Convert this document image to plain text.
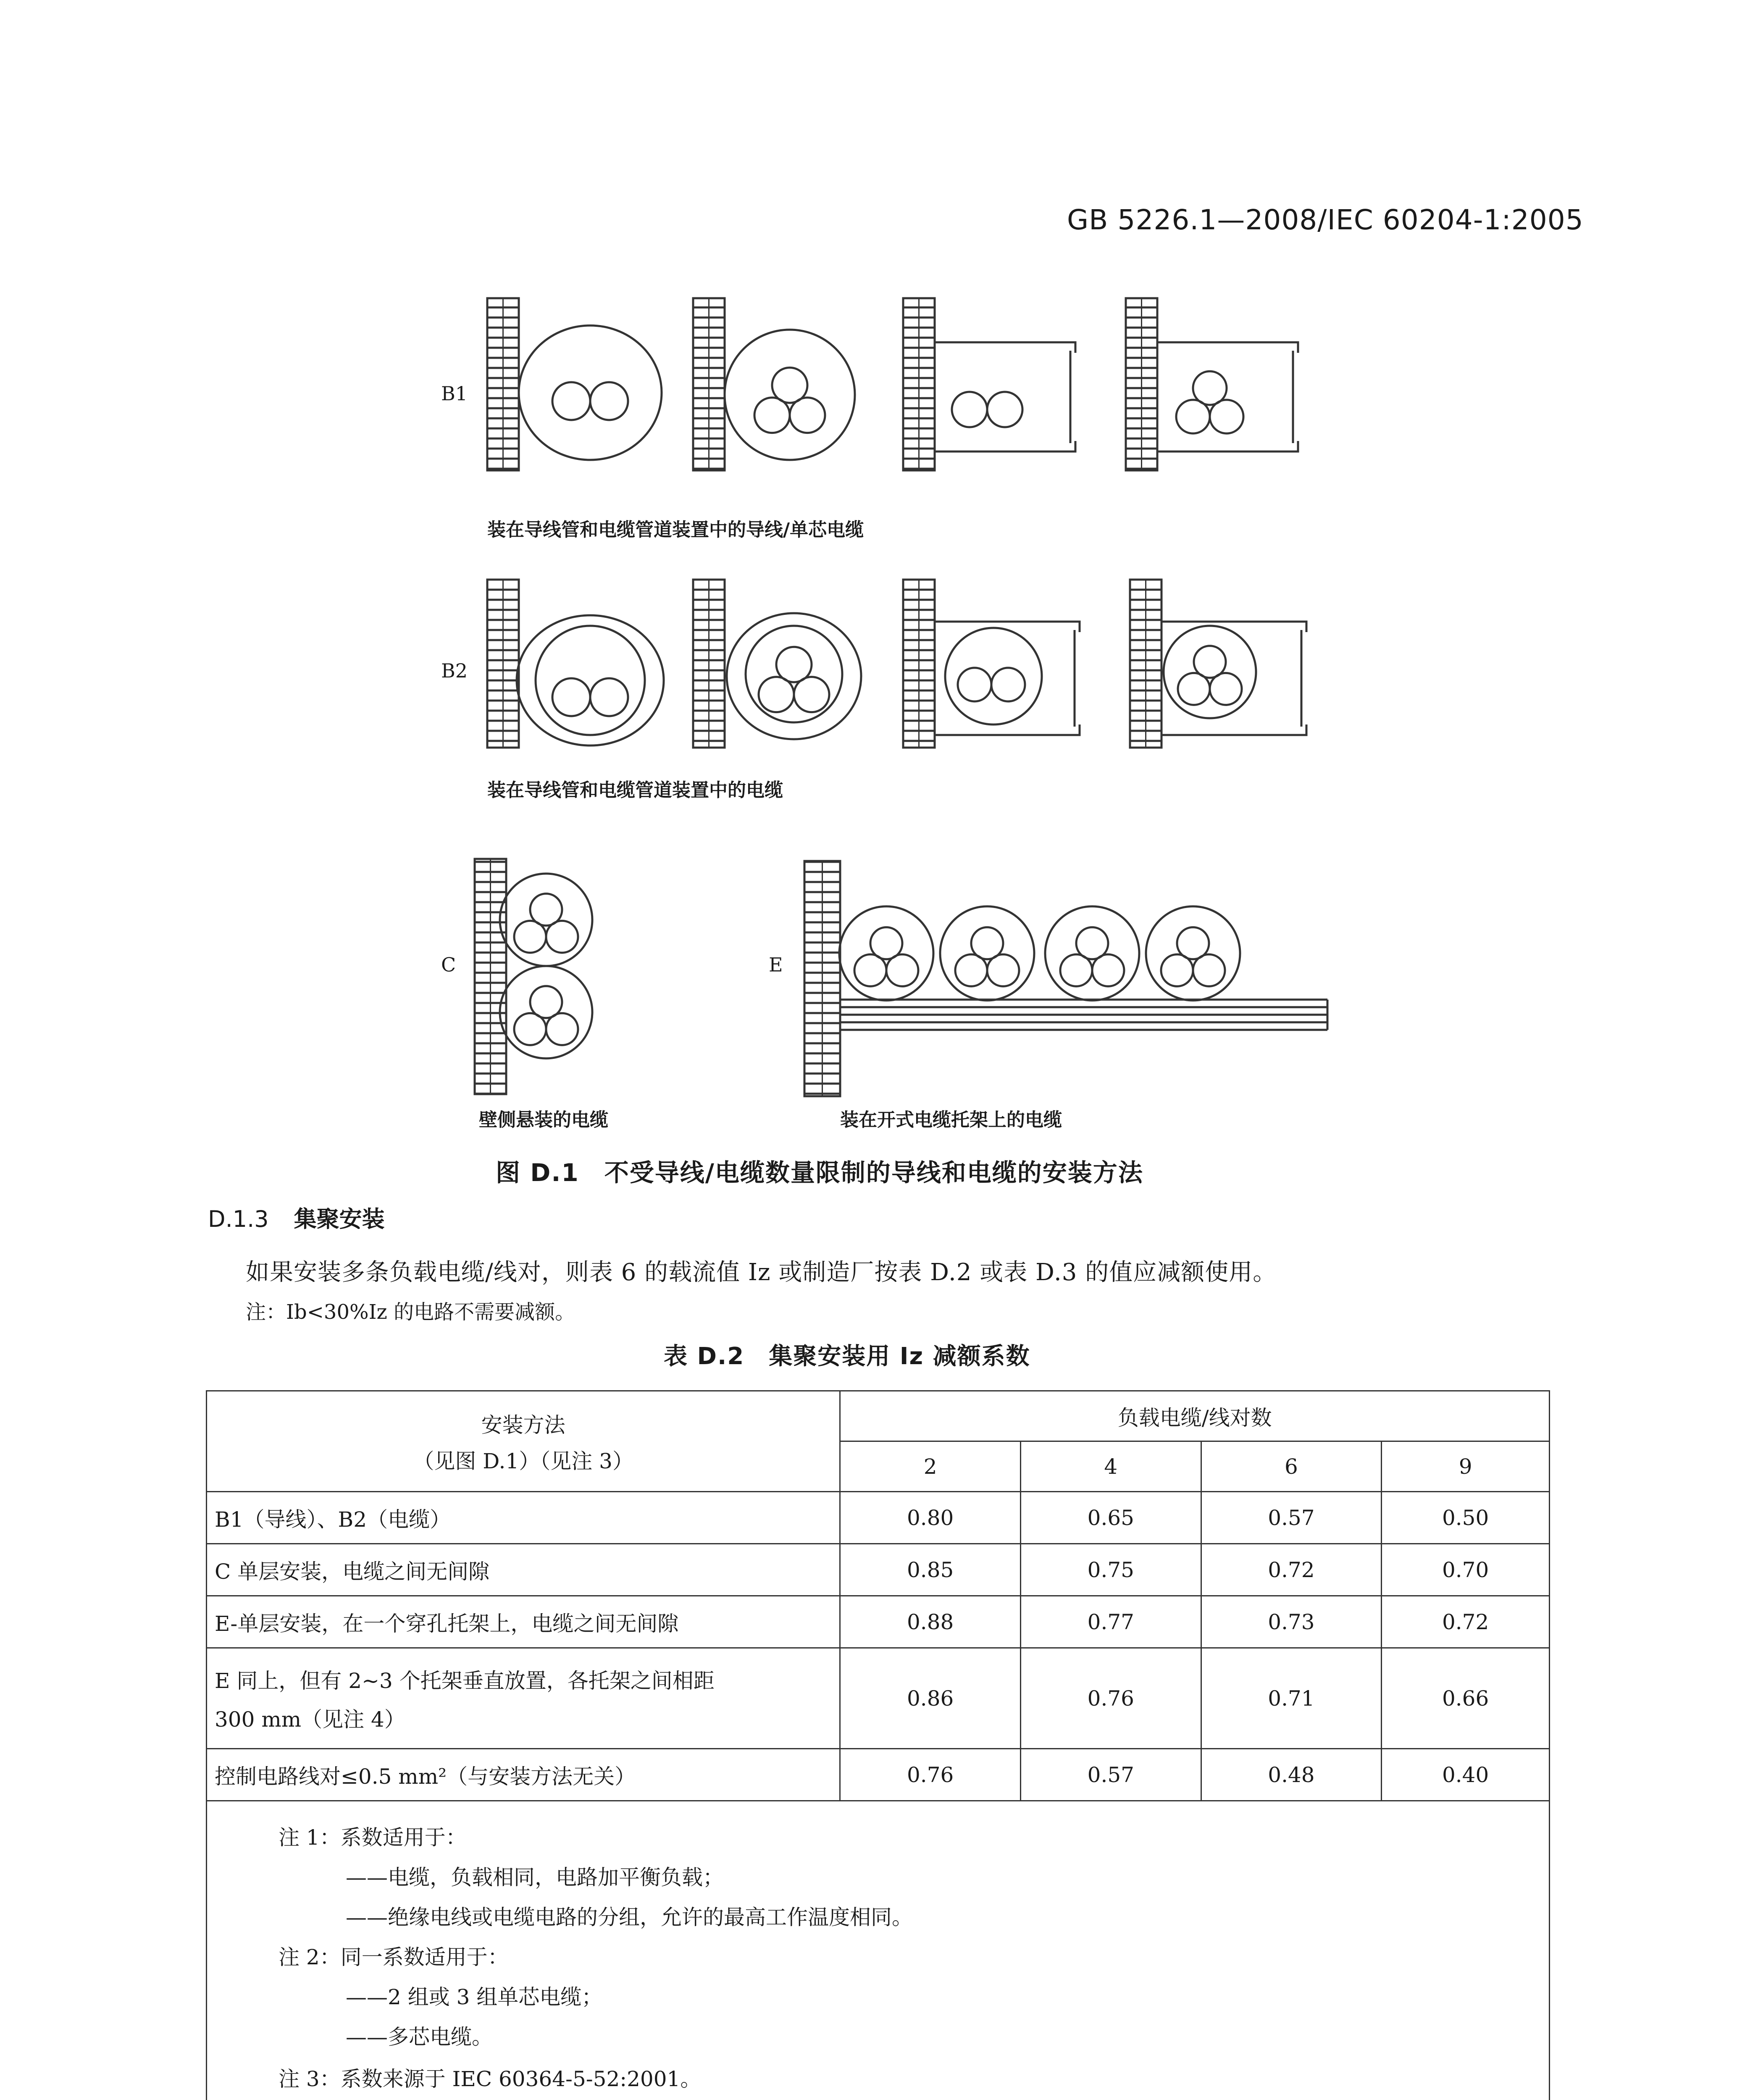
GB 5226.1—2008/IEC 60204-1:2005
B1
B2
C	E
装在导线管和电缆管道装置中的导线/单芯电缆
装在导线管和电缆管道装置中的电缆
壁侧悬装的电缆	装在开式电缆托架上的电缆
图 D.1　不受导线/电缆数量限制的导线和电缆的安装方法
D.1.3 集聚安装
如果安装多条负载电缆/线对，则表 6 的载流值 Iz 或制造厂按表 D.2 或表 D.3 的值应减额使用。
注：Ib<30%Iz 的电路不需要减额。
表 D.2　集聚安装用 Iz 减额系数
安装方法
（见图 D.1）（见注 3）	负载电缆/线对数			
	2	4	6	9
B1（导线）、B2（电缆）	0.80	0.65	0.57	0.50
C 单层安装，电缆之间无间隙	0.85	0.75	0.72	0.70
E-单层安装，在一个穿孔托架上，电缆之间无间隙	0.88	0.77	0.73	0.72

E 同上，但有 2~3 个托架垂直放置，各托架之间相距
300 mm（见注 4）	0.86	0.76	0.71	0.66
控制电路线对≤0.5 mm²（与安装方法无关）	0.76	0.57	0.48	0.40
注 1：系数适用于：
——电缆，负载相同，电路加平衡负载；
——绝缘电线或电缆电路的分组，允许的最高工作温度相同。
注 2：同一系数适用于：
——2 组或 3 组单芯电缆；
——多芯电缆。
注 3：系数来源于 IEC 60364-5-52:2001。
